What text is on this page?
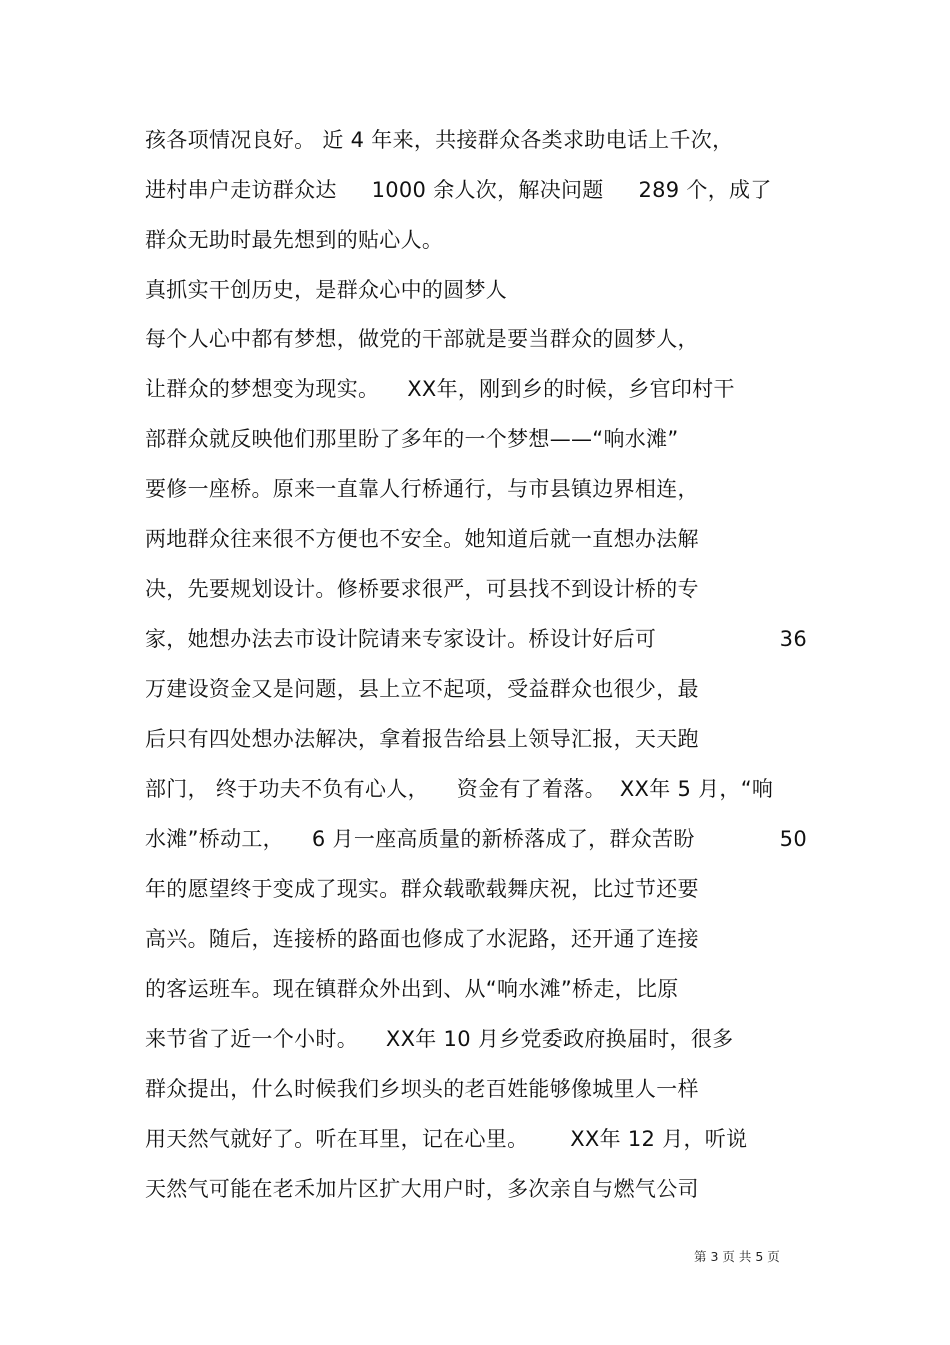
孩各项情况良好。 近 4 年来，共接群众各类求助电话上千次，
进村串户走访群众达     1000 余人次，解决问题     289 个，成了
群众无助时最先想到的贴心人。
真抓实干创历史，是群众心中的圆梦人
每个人心中都有梦想，做党的干部就是要当群众的圆梦人，
让群众的梦想变为现实。    XX年，刚到乡的时候，乡官印村干
部群众就反映他们那里盼了多年的一个梦想——“响水滩”
要修一座桥。原来一直靠人行桥通行，与市县镇边界相连，
两地群众往来很不方便也不安全。她知道后就一直想办法解
决，先要规划设计。修桥要求很严，可县找不到设计桥的专
家，她想办法去市设计院请来专家设计。桥设计好后可	36
万建设资金又是问题，县上立不起项，受益群众也很少，最
后只有四处想办法解决，拿着报告给县上领导汇报，天天跑
部门， 终于功夫不负有心人，    资金有了着落。  XX年 5 月，“响
水滩”桥动工，    6 月一座高质量的新桥落成了，群众苦盼	50
年的愿望终于变成了现实。群众载歌载舞庆祝，比过节还要
高兴。随后，连接桥的路面也修成了水泥路，还开通了连接
的客运班车。现在镇群众外出到、从“响水滩”桥走，比原
来节省了近一个小时。    XX年 10 月乡党委政府换届时，很多
群众提出，什么时候我们乡坝头的老百姓能够像城里人一样
用天然气就好了。听在耳里，记在心里。      XX年 12 月，听说
天然气可能在老禾加片区扩大用户时，多次亲自与燃气公司
第 3 页 共 5 页
